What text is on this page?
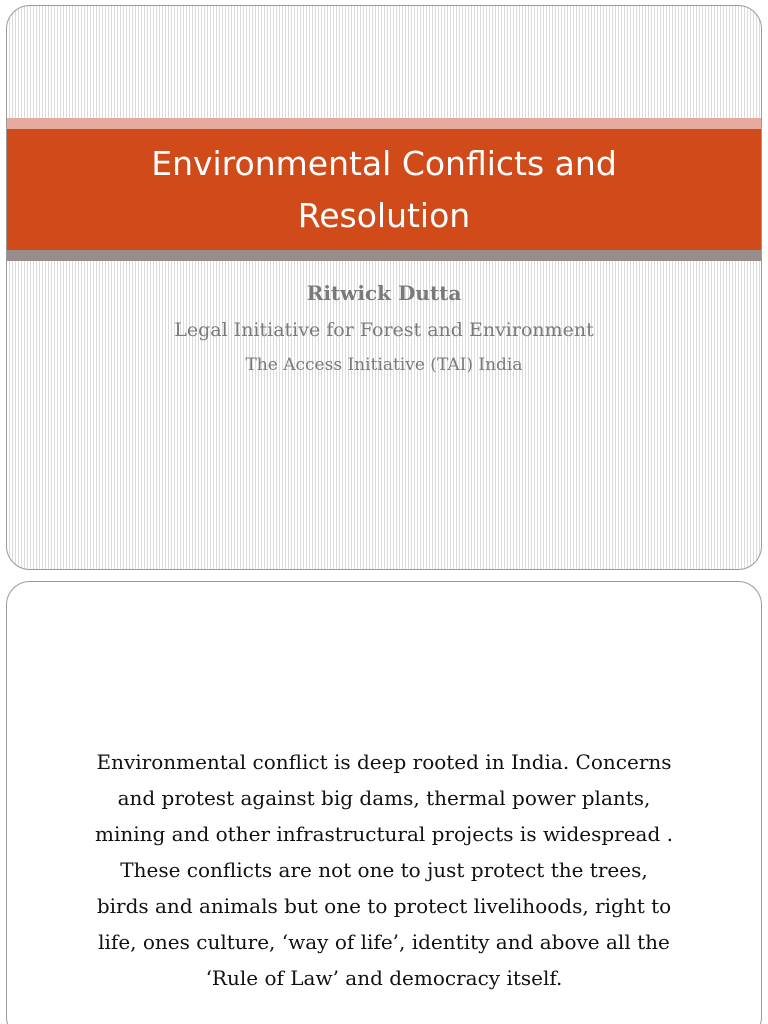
Environmental Conflicts and Resolution

Ritwick Dutta

Legal Initiative for Forest and Environment

The Access Initiative (TAI) India

Environmental conflict is deep rooted in India. Concerns
and protest against big dams, thermal power plants,
mining and other infrastructural projects is widespread .
These conflicts are not one to just protect the trees,
birds and animals but one to protect livelihoods, right to
life, ones culture, ‘way of life’, identity and above all the
‘Rule of Law’ and democracy itself.
